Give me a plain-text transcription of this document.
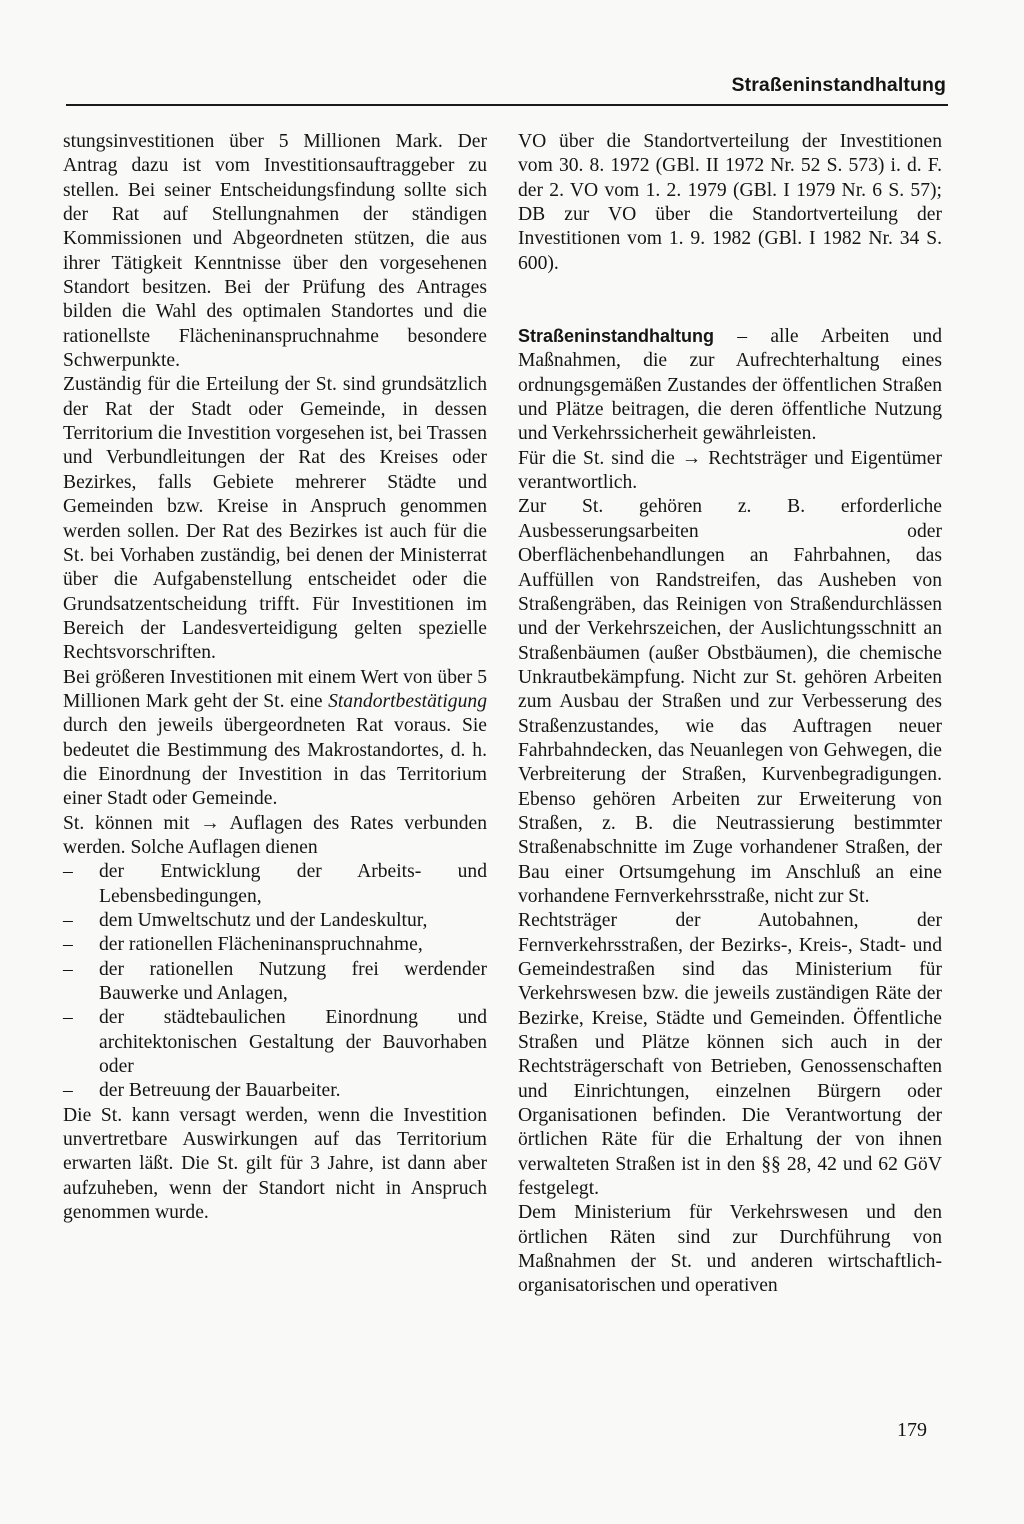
Straßeninstandhaltung

stungsinvestitionen über 5 Millionen Mark. Der Antrag dazu ist vom Investitionsauftraggeber zu stellen. Bei seiner Entscheidungsfindung sollte sich der Rat auf Stellungnahmen der ständigen Kommissionen und Abgeordneten stützen, die aus ihrer Tätigkeit Kenntnisse über den vorgesehenen Standort besitzen. Bei der Prüfung des Antrages bilden die Wahl des optimalen Standortes und die rationellste Flächeninanspruchnahme besondere Schwerpunkte.

Zuständig für die Erteilung der St. sind grundsätzlich der Rat der Stadt oder Gemeinde, in dessen Territorium die Investition vorgesehen ist, bei Trassen und Verbundleitungen der Rat des Kreises oder Bezirkes, falls Gebiete mehrerer Städte und Gemeinden bzw. Kreise in Anspruch genommen werden sollen. Der Rat des Bezirkes ist auch für die St. bei Vorhaben zuständig, bei denen der Ministerrat über die Aufgabenstellung entscheidet oder die Grundsatzentscheidung trifft. Für Investitionen im Bereich der Landesverteidigung gelten spezielle Rechtsvorschriften.

Bei größeren Investitionen mit einem Wert von über 5 Millionen Mark geht der St. eine Standortbestätigung durch den jeweils übergeordneten Rat voraus. Sie bedeutet die Bestimmung des Makrostandortes, d. h. die Einordnung der Investition in das Territorium einer Stadt oder Gemeinde.

St. können mit → Auflagen des Rates verbunden werden. Solche Auflagen dienen

– der Entwicklung der Arbeits- und Lebensbedingungen,
– dem Umweltschutz und der Landeskultur,
– der rationellen Flächeninanspruchnahme,
– der rationellen Nutzung frei werdender Bauwerke und Anlagen,
– der städtebaulichen Einordnung und architektonischen Gestaltung der Bauvorhaben oder
– der Betreuung der Bauarbeiter.

Die St. kann versagt werden, wenn die Investition unvertretbare Auswirkungen auf das Territorium erwarten läßt. Die St. gilt für 3 Jahre, ist dann aber aufzuheben, wenn der Standort nicht in Anspruch genommen wurde.

VO über die Standortverteilung der Investitionen vom 30. 8. 1972 (GBl. II 1972 Nr. 52 S. 573) i. d. F. der 2. VO vom 1. 2. 1979 (GBl. I 1979 Nr. 6 S. 57); DB zur VO über die Standortverteilung der Investitionen vom 1. 9. 1982 (GBl. I 1982 Nr. 34 S. 600).

Straßeninstandhaltung – alle Arbeiten und Maßnahmen, die zur Aufrechterhaltung eines ordnungsgemäßen Zustandes der öffentlichen Straßen und Plätze beitragen, die deren öffentliche Nutzung und Verkehrssicherheit gewährleisten.

Für die St. sind die → Rechtsträger und Eigentümer verantwortlich.

Zur St. gehören z. B. erforderliche Ausbesserungsarbeiten oder Oberflächenbehandlungen an Fahrbahnen, das Auffüllen von Randstreifen, das Ausheben von Straßengräben, das Reinigen von Straßendurchlässen und der Verkehrszeichen, der Auslichtungsschnitt an Straßenbäumen (außer Obstbäumen), die chemische Unkrautbekämpfung. Nicht zur St. gehören Arbeiten zum Ausbau der Straßen und zur Verbesserung des Straßenzustandes, wie das Auftragen neuer Fahrbahndecken, das Neuanlegen von Gehwegen, die Verbreiterung der Straßen, Kurvenbegradigungen. Ebenso gehören Arbeiten zur Erweiterung von Straßen, z. B. die Neutrassierung bestimmter Straßenabschnitte im Zuge vorhandener Straßen, der Bau einer Ortsumgehung im Anschluß an eine vorhandene Fernverkehrsstraße, nicht zur St.

Rechtsträger der Autobahnen, der Fernverkehrsstraßen, der Bezirks-, Kreis-, Stadt- und Gemeindestraßen sind das Ministerium für Verkehrswesen bzw. die jeweils zuständigen Räte der Bezirke, Kreise, Städte und Gemeinden. Öffentliche Straßen und Plätze können sich auch in der Rechtsträgerschaft von Betrieben, Genossenschaften und Einrichtungen, einzelnen Bürgern oder Organisationen befinden. Die Verantwortung der örtlichen Räte für die Erhaltung der von ihnen verwalteten Straßen ist in den §§ 28, 42 und 62 GöV festgelegt.

Dem Ministerium für Verkehrswesen und den örtlichen Räten sind zur Durchführung von Maßnahmen der St. und anderen wirtschaftlich-organisatorischen und operativen

179
